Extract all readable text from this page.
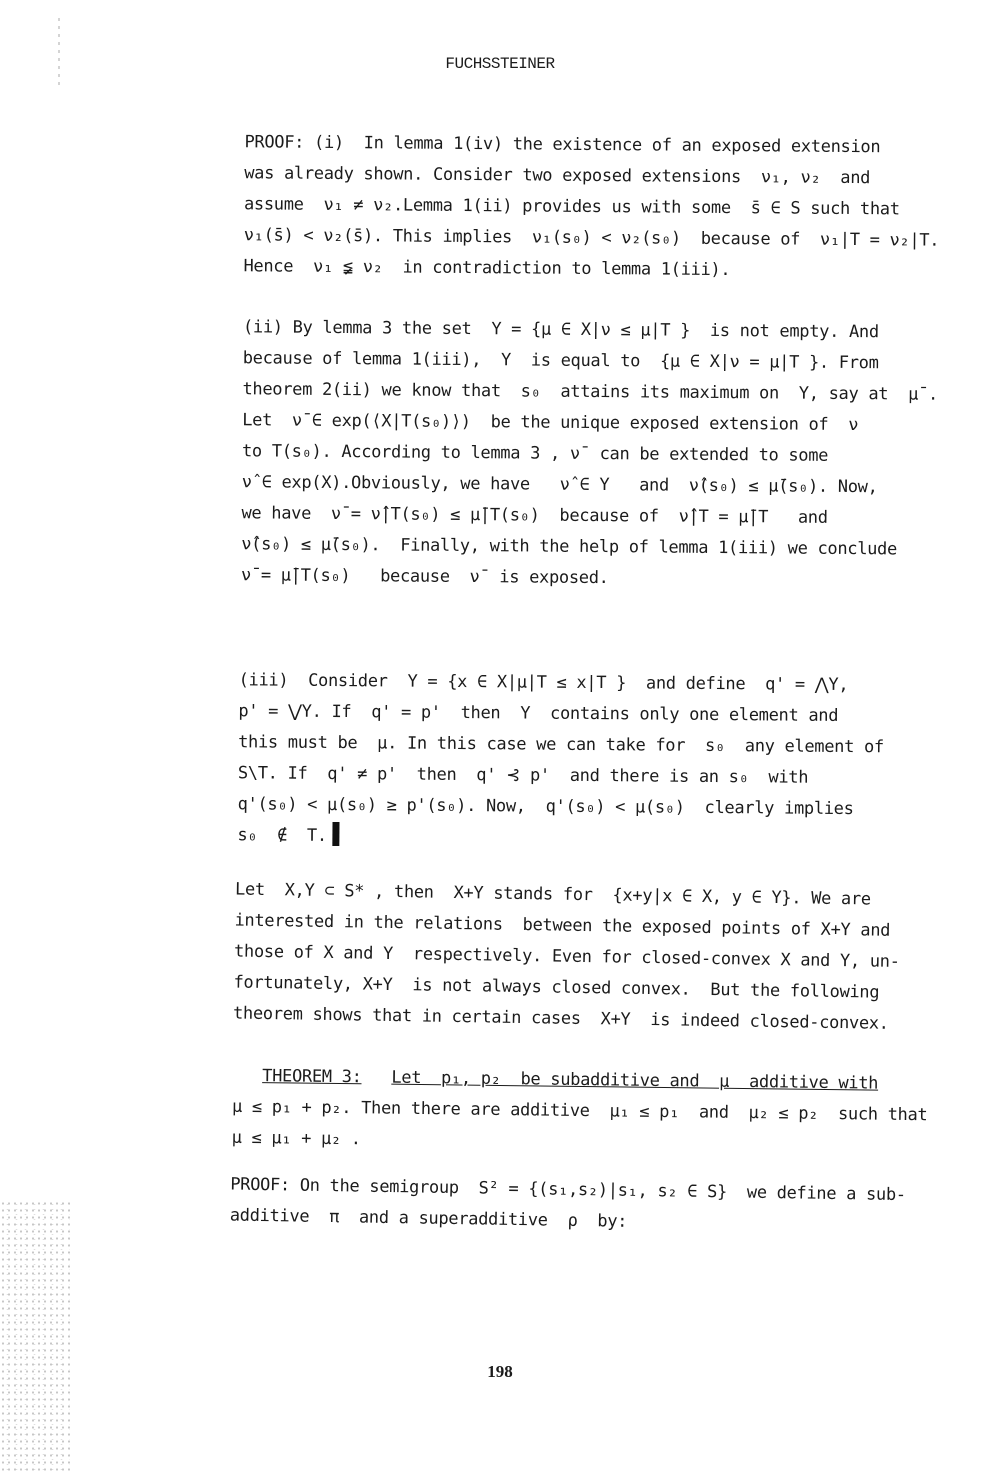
FUCHSSTEINER
PROOF: (i)  In lemma 1(iv) the existence of an exposed extension
was already shown. Consider two exposed extensions  ν₁, ν₂  and
assume  ν₁ ≠ ν₂.Lemma 1(ii) provides us with some  s̄ ∈ S such that
ν₁(s̄) < ν₂(s̄). This implies  ν₁(s₀) < ν₂(s₀)  because of  ν₁|T = ν₂|T.
Hence  ν₁ ≨ ν₂  in contradiction to lemma 1(iii).
(ii) By lemma 3 the set  Y = {μ ∈ X|ν ≤ μ|T }  is not empty. And
because of lemma 1(iii),  Y  is equal to  {μ ∈ X|ν = μ|T }. From
theorem 2(ii) we know that  s₀  attains its maximum on  Y, say at  μ̄ .
Let  ν̄ ∈ exp(⟨X|T(s₀)⟩)  be the unique exposed extension of  ν
to T(s₀). According to lemma 3 , ν̄  can be extended to some
ν̂ ∈ exp(X).Obviously, we have   ν̂ ∈ Y   and  ν̂(s₀) ≤ μ̄(s₀). Now,
we have  ν̄ = ν̂|T(s₀) ≤ μ̄|T(s₀)  because of  ν̂|T = μ̄|T   and
ν̂(s₀) ≤ μ̄(s₀).  Finally, with the help of lemma 1(iii) we conclude
ν̄ = μ̄|T(s₀)   because  ν̄  is exposed.
(iii)  Consider  Y = {x ∈ X|μ|T ≤ x|T }  and define  q' = ⋀Y,
p' = ⋁Y. If  q' = p'  then  Y  contains only one element and
this must be  μ. In this case we can take for  s₀  any element of
S\T. If  q' ≠ p'  then  q' ⊰ p'  and there is an s₀  with
q'(s₀) < μ(s₀) ≥ p'(s₀). Now,  q'(s₀) < μ(s₀)  clearly implies
s₀  ∉  T.
Let  X,Y ⊂ S* , then  X+Y stands for  {x+y|x ∈ X, y ∈ Y}. We are
interested in the relations  between the exposed points of X+Y and
those of X and Y  respectively. Even for closed-convex X and Y, un-
fortunately, X+Y  is not always closed convex.  But the following
theorem shows that in certain cases  X+Y  is indeed closed-convex.
THEOREM 3: Let  p₁, p₂  be subadditive and  μ  additive with
μ ≤ p₁ + p₂. Then there are additive  μ₁ ≤ p₁  and  μ₂ ≤ p₂  such that
μ ≤ μ₁ + μ₂ .
PROOF: On the semigroup  S² = {(s₁,s₂)|s₁, s₂ ∈ S}  we define a sub-
additive  π  and a superadditive  ρ  by:
198
